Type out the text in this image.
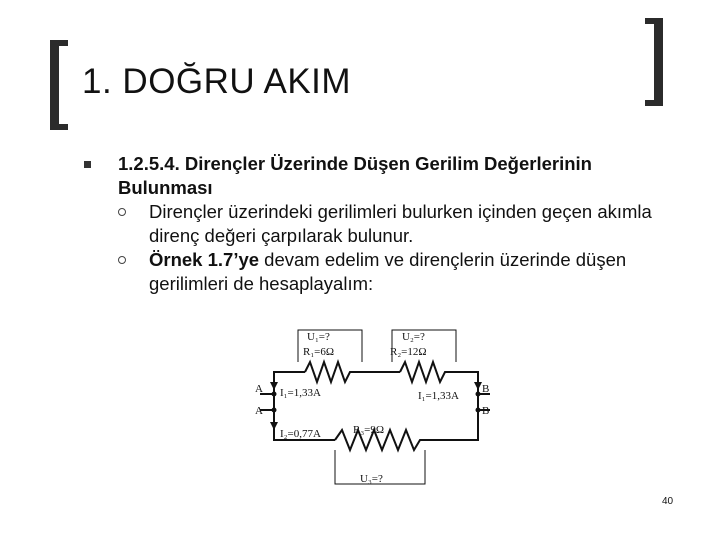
1. DOĞRU AKIM
1.2.5.4. Dirençler Üzerinde Düşen Gerilim Değerlerinin Bulunması
Dirençler üzerindeki gerilimleri bulurken içinden geçen akımla direnç değeri çarpılarak bulunur.
Örnek 1.7’ye devam edelim ve dirençlerin üzerinde düşen gerilimleri de hesaplayalım:
U₁=?
R₁=6Ω
U₂=?
R₂=12Ω
I₁=1,33A	I₁=1,33A
I₂=0,77A	R₃=9Ω
U₃=?
A
A
B
B
40
